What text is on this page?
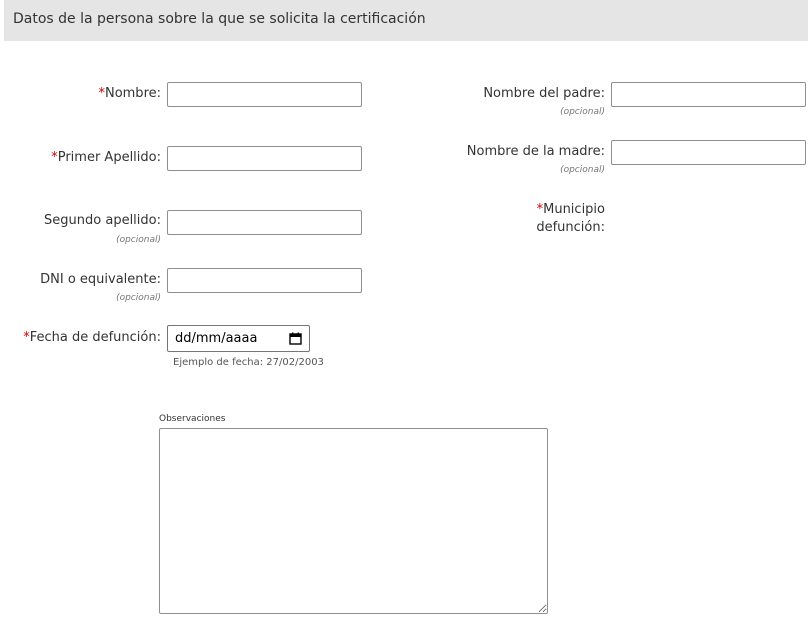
Datos de la persona sobre la que se solicita la certificación
*Nombre:
*Primer Apellido:
Segundo apellido:
(opcional)
DNI o equivalente:
(opcional)
*Fecha de defunción: dd/mm/aaaa
Ejemplo de fecha: 27/02/2003
Nombre del padre:
(opcional)
Nombre de la madre:
(opcional)
*Municipio
defunción:
Observaciones
